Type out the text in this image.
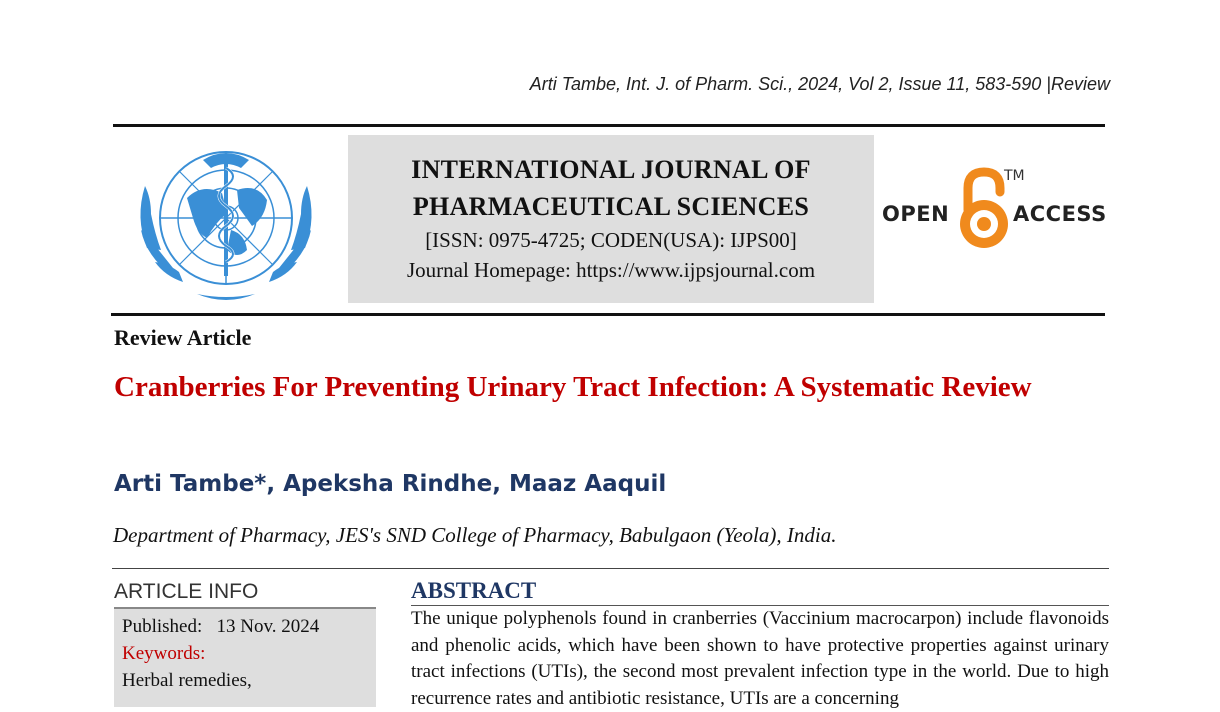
Arti Tambe, Int. J. of Pharm. Sci., 2024, Vol 2, Issue 11, 583-590 |Review
INTERNATIONAL JOURNAL OF
PHARMACEUTICAL SCIENCES
[ISSN: 0975-4725; CODEN(USA): IJPS00]
Journal Homepage: https://www.ijpsjournal.com
OPEN
TM
ACCESS
Review Article
Cranberries For Preventing Urinary Tract Infection: A Systematic Review
Arti Tambe*, Apeksha Rindhe, Maaz Aaquil
Department of Pharmacy, JES's SND College of Pharmacy, Babulgaon (Yeola), India.
ARTICLE INFO
Published: 13 Nov. 2024
Keywords:
Herbal remedies,
ABSTRACT
The unique polyphenols found in cranberries (Vaccinium macrocarpon) include flavonoids and phenolic acids, which have been shown to have protective properties against urinary tract infections (UTIs), the second most prevalent infection type in the world. Due to high recurrence rates and antibiotic resistance, UTIs are a concerning
